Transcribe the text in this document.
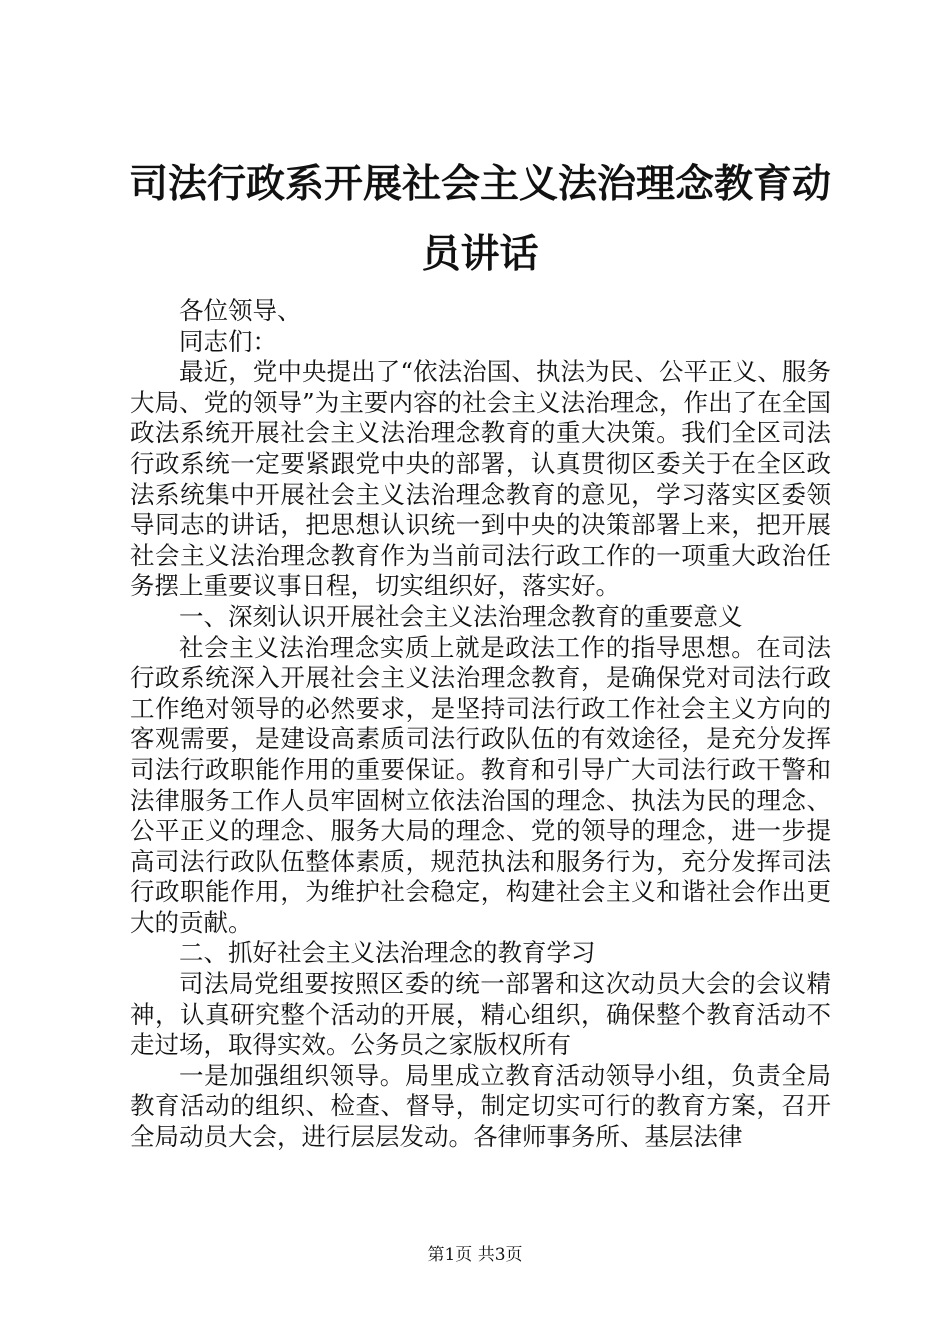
司法行政系开展社会主义法治理念教育动员讲话

各位领导、

同志们：

最近，党中央提出了“依法治国、执法为民、公平正义、服务大局、党的领导”为主要内容的社会主义法治理念，作出了在全国政法系统开展社会主义法治理念教育的重大决策。我们全区司法行政系统一定要紧跟党中央的部署，认真贯彻区委关于在全区政法系统集中开展社会主义法治理念教育的意见，学习落实区委领导同志的讲话，把思想认识统一到中央的决策部署上来，把开展社会主义法治理念教育作为当前司法行政工作的一项重大政治任务摆上重要议事日程，切实组织好，落实好。

一、深刻认识开展社会主义法治理念教育的重要意义

社会主义法治理念实质上就是政法工作的指导思想。在司法行政系统深入开展社会主义法治理念教育，是确保党对司法行政工作绝对领导的必然要求，是坚持司法行政工作社会主义方向的客观需要，是建设高素质司法行政队伍的有效途径，是充分发挥司法行政职能作用的重要保证。教育和引导广大司法行政干警和法律服务工作人员牢固树立依法治国的理念、执法为民的理念、公平正义的理念、服务大局的理念、党的领导的理念，进一步提高司法行政队伍整体素质，规范执法和服务行为，充分发挥司法行政职能作用，为维护社会稳定，构建社会主义和谐社会作出更大的贡献。

二、抓好社会主义法治理念的教育学习

司法局党组要按照区委的统一部署和这次动员大会的会议精神，认真研究整个活动的开展，精心组织，确保整个教育活动不走过场，取得实效。公务员之家版权所有

一是加强组织领导。局里成立教育活动领导小组，负责全局教育活动的组织、检查、督导，制定切实可行的教育方案，召开全局动员大会，进行层层发动。各律师事务所、基层法律

第1页 共3页
